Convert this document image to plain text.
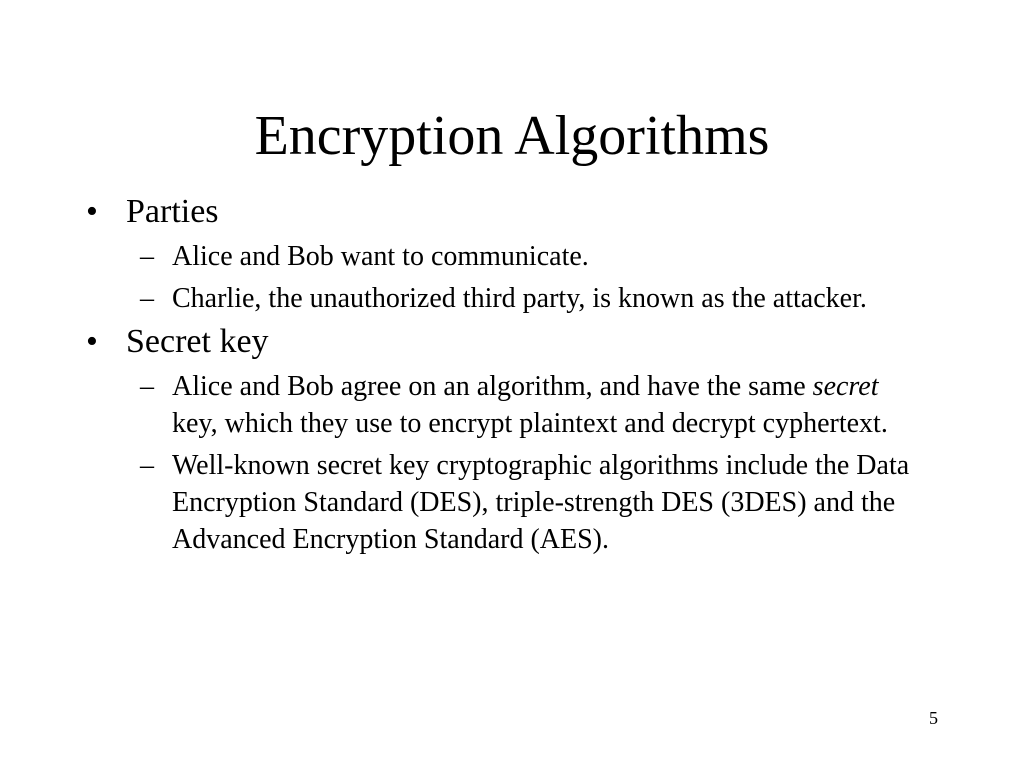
Encryption Algorithms
• Parties
– Alice and Bob want to communicate.
– Charlie, the unauthorized third party, is known as the attacker.
• Secret key
– Alice and Bob agree on an algorithm, and have the same secret key, which they use to encrypt plaintext and decrypt cyphertext.
– Well-known secret key cryptographic algorithms include the Data Encryption Standard (DES), triple-strength DES (3DES) and the Advanced Encryption Standard (AES).
5
